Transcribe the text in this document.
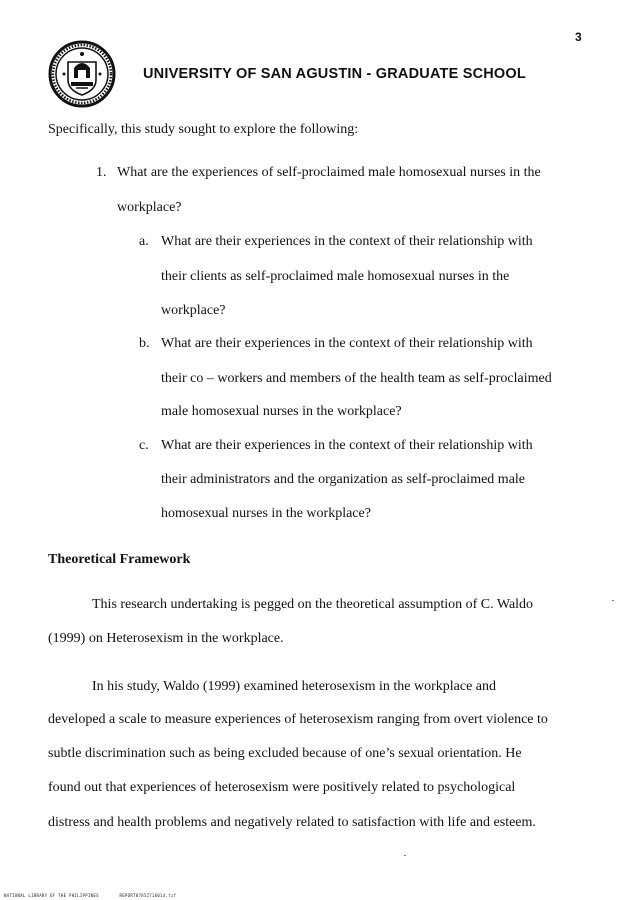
3
UNIVERSITY OF SAN AGUSTIN - GRADUATE SCHOOL
Specifically, this study sought to explore the following:
1. What are the experiences of self-proclaimed male homosexual nurses in the
workplace?
a. What are their experiences in the context of their relationship with
their clients as self-proclaimed male homosexual nurses in the
workplace?
b. What are their experiences in the context of their relationship with
their co – workers and members of the health team as self-proclaimed
male homosexual nurses in the workplace?
c. What are their experiences in the context of their relationship with
their administrators and the organization as self-proclaimed male
homosexual nurses in the workplace?
Theoretical Framework
This research undertaking is pegged on the theoretical assumption of C. Waldo
(1999) on Heterosexism in the workplace.
In his study, Waldo (1999) examined heterosexism in the workplace and
developed a scale to measure experiences of heterosexism ranging from overt violence to
subtle discrimination such as being excluded because of one’s sexual orientation. He
found out that experiences of heterosexism were positively related to psychological
distress and health problems and negatively related to satisfaction with life and esteem.
NATIONAL LIBRARY OF THE PHILIPPINES	REPORT07852716014.tif
